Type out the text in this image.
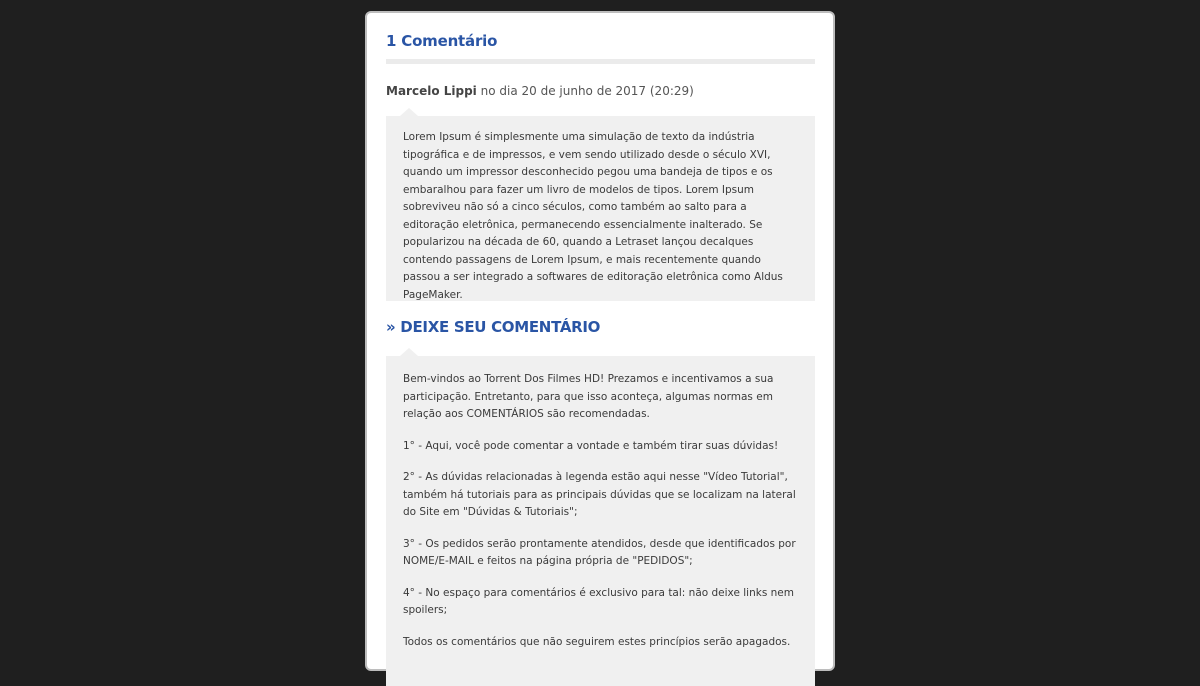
1 Comentário
Marcelo Lippi no dia 20 de junho de 2017 (20:29)

Lorem Ipsum é simplesmente uma simulação de texto da indústria tipográfica e de impressos, e vem sendo utilizado desde o século XVI, quando um impressor desconhecido pegou uma bandeja de tipos e os embaralhou para fazer um livro de modelos de tipos. Lorem Ipsum sobreviveu não só a cinco séculos, como também ao salto para a editoração eletrônica, permanecendo essencialmente inalterado. Se popularizou na década de 60, quando a Letraset lançou decalques contendo passagens de Lorem Ipsum, e mais recentemente quando passou a ser integrado a softwares de editoração eletrônica como Aldus PageMaker.

» DEIXE SEU COMENTÁRIO

Bem-vindos ao Torrent Dos Filmes HD! Prezamos e incentivamos a sua participação. Entretanto, para que isso aconteça, algumas normas em relação aos COMENTÁRIOS são recomendadas.

1° - Aqui, você pode comentar a vontade e também tirar suas dúvidas!

2° - As dúvidas relacionadas à legenda estão aqui nesse "Vídeo Tutorial", também há tutoriais para as principais dúvidas que se localizam na lateral do Site em "Dúvidas & Tutoriais";

3° - Os pedidos serão prontamente atendidos, desde que identificados por NOME/E-MAIL e feitos na página própria de "PEDIDOS";

4° - No espaço para comentários é exclusivo para tal: não deixe links nem spoilers;

Todos os comentários que não seguirem estes princípios serão apagados.
